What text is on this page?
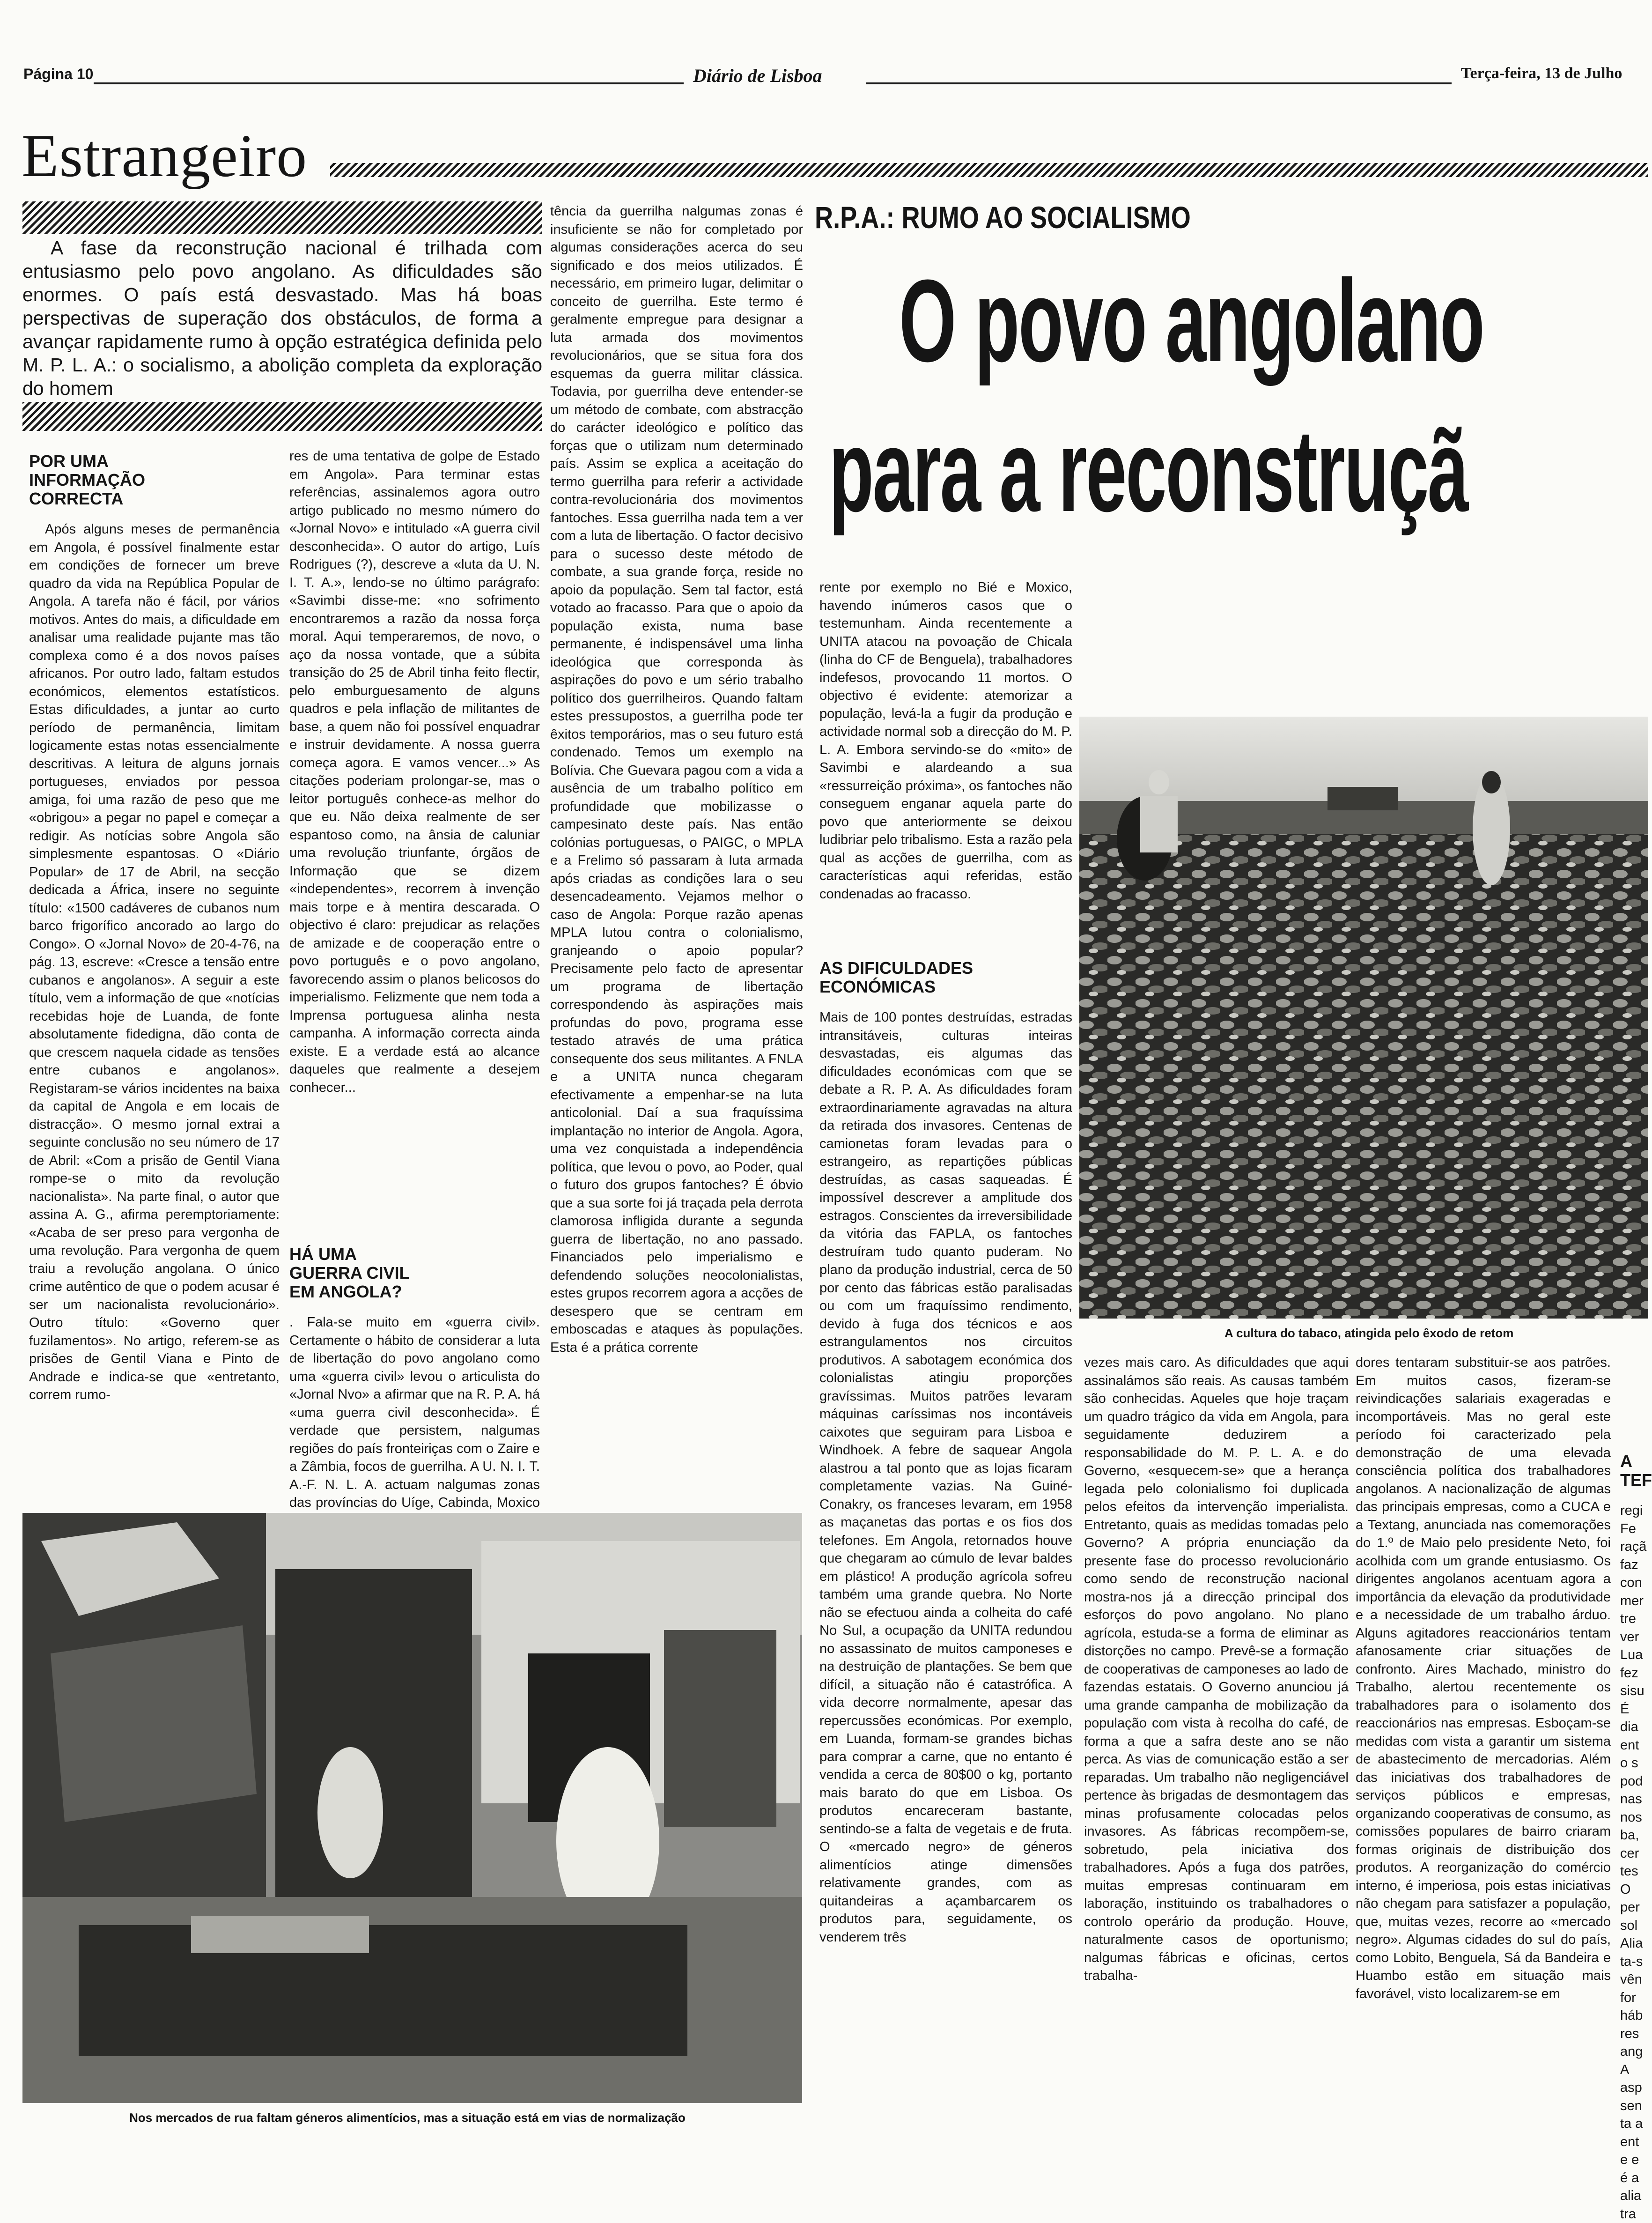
Página 10	Diário de Lisboa	Terça-feira, 13 de Julho
Estrangeiro
A fase da reconstrução nacional é trilhada com entusiasmo pelo povo angolano. As dificuldades são enormes. O país está desvastado. Mas há boas perspectivas de superação dos obstáculos, de forma a avançar rapidamente rumo à opção estratégica definida pelo M. P. L. A.: o socialismo, a abolição completa da exploração do homem
POR UMA INFORMAÇÃO CORRECTA
Após alguns meses de permanência em Angola, é possível finalmente estar em condições de fornecer um breve quadro da vida na República Popular de Angola. A tarefa não é fácil, por vários motivos. Antes do mais, a dificuldade em analisar uma realidade pujante mas tão complexa como é a dos novos países africanos. Por outro lado, faltam estudos económicos, elementos estatísticos. Estas dificuldades, a juntar ao curto período de permanência, limitam logicamente estas notas essencialmente descritivas. A leitura de alguns jornais portugueses, enviados por pessoa amiga, foi uma razão de peso que me «obrigou» a pegar no papel e começar a redigir. As notícias sobre Angola são simplesmente espantosas. O «Diário Popular» de 17 de Abril, na secção dedicada a África, insere no seguinte título: «1500 cadáveres de cubanos num barco frigorífico ancorado ao largo do Congo». O «Jornal Novo» de 20-4-76, na pág. 13, escreve: «Cresce a tensão entre cubanos e angolanos». A seguir a este título, vem a informação de que «notícias recebidas hoje de Luanda, de fonte absolutamente fidedigna, dão conta de que crescem naquela cidade as tensões entre cubanos e angolanos». Registaram-se vários incidentes na baixa da capital de Angola e em locais de distracção». O mesmo jornal extrai a seguinte conclusão no seu número de 17 de Abril: «Com a prisão de Gentil Viana rompe-se o mito da revolução nacionalista». Na parte final, o autor que assina A. G., afirma peremptoriamente: «Acaba de ser preso para vergonha de uma revolução. Para vergonha de quem traiu a revolução angolana. O único crime autêntico de que o podem acusar é ser um nacionalista revolucionário». Outro título: «Governo quer fuzilamentos». No artigo, referem-se as prisões de Gentil Viana e Pinto de Andrade e indica-se que «entretanto, correm rumo-
res de uma tentativa de golpe de Estado em Angola». Para terminar estas referências, assinalemos agora outro artigo publicado no mesmo número do «Jornal Novo» e intitulado «A guerra civil desconhecida». O autor do artigo, Luís Rodrigues (?), descreve a «luta da U. N. I. T. A.», lendo-se no último parágrafo: «Savimbi disse-me: «no sofrimento encontraremos a razão da nossa força moral. Aqui temperaremos, de novo, o aço da nossa vontade, que a súbita transição do 25 de Abril tinha feito flectir, pelo emburguesamento de alguns quadros e pela inflação de militantes de base, a quem não foi possível enquadrar e instruir devidamente. A nossa guerra começa agora. E vamos vencer...» As citações poderiam prolongar-se, mas o leitor português conhece-as melhor do que eu. Não deixa realmente de ser espantoso como, na ânsia de caluniar uma revolução triunfante, órgãos de Informação que se dizem «independentes», recorrem à invenção mais torpe e à mentira descarada. O objectivo é claro: prejudicar as relações de amizade e de cooperação entre o povo português e o povo angolano, favorecendo assim o planos belicosos do imperialismo. Felizmente que nem toda a Imprensa portuguesa alinha nesta campanha. A informação correcta ainda existe. E a verdade está ao alcance daqueles que realmente a desejem conhecer...
HÁ UMA GUERRA CIVIL EM ANGOLA?
. Fala-se muito em «guerra civil». Certamente o hábito de considerar a luta de libertação do povo angolano como uma «guerra civil» levou o articulista do «Jornal Nvo» a afirmar que na R. P. A. há «uma guerra civil desconhecida». É verdade que persistem, nalgumas regiões do país fronteiriças com o Zaire e a Zâmbia, focos de guerrilha. A U. N. I. T. A.-F. N. L. A. actuam nalgumas zonas das províncias do Uíge, Cabinda, Moxico
tência da guerrilha nalgumas zonas é insuficiente se não for completado por algumas considerações acerca do seu significado e dos meios utilizados. É necessário, em primeiro lugar, delimitar o conceito de guerrilha. Este termo é geralmente empregue para designar a luta armada dos movimentos revolucionários, que se situa fora dos esquemas da guerra militar clássica. Todavia, por guerrilha deve entender-se um método de combate, com abstracção do carácter ideológico e político das forças que o utilizam num determinado país. Assim se explica a aceitação do termo guerrilha para referir a actividade contra-revolucionária dos movimentos fantoches. Essa guerrilha nada tem a ver com a luta de libertação. O factor decisivo para o sucesso deste método de combate, a sua grande força, reside no apoio da população. Sem tal factor, está votado ao fracasso. Para que o apoio da população exista, numa base permanente, é indispensável uma linha ideológica que corresponda às aspirações do povo e um sério trabalho político dos guerrilheiros. Quando faltam estes pressupostos, a guerrilha pode ter êxitos temporários, mas o seu futuro está condenado. Temos um exemplo na Bolívia. Che Guevara pagou com a vida a ausência de um trabalho político em profundidade que mobilizasse o campesinato deste país. Nas então colónias portuguesas, o PAIGC, o MPLA e a Frelimo só passaram à luta armada após criadas as condições lara o seu desencadeamento. Vejamos melhor o caso de Angola: Porque razão apenas MPLA lutou contra o colonialismo, granjeando o apoio popular? Precisamente pelo facto de apresentar um programa de libertação correspondendo às aspirações mais profundas do povo, programa esse testado através de uma prática consequente dos seus militantes. A FNLA e a UNITA nunca chegaram efectivamente a empenhar-se na luta anticolonial. Daí a sua fraquíssima implantação no interior de Angola. Agora, uma vez conquistada a independência política, que levou o povo, ao Poder, qual o futuro dos grupos fantoches? É óbvio que a sua sorte foi já traçada pela derrota clamorosa infligida durante a segunda guerra de libertação, no ano passado. Financiados pelo imperialismo e defendendo soluções neocolonialistas, estes grupos recorrem agora a acções de desespero que se centram em emboscadas e ataques às populações. Esta é a prática corrente
R.P.A.: RUMO AO SOCIALISMO
O povo angolano
para a reconstruçã
rente por exemplo no Bié e Moxico, havendo inúmeros casos que o testemunham. Ainda recentemente a UNITA atacou na povoação de Chicala (linha do CF de Benguela), trabalhadores indefesos, provocando 11 mortos. O objectivo é evidente: atemorizar a população, levá-la a fugir da produção e actividade normal sob a direcção do M. P. L. A. Embora servindo-se do «mito» de Savimbi e alardeando a sua «ressurreição próxima», os fantoches não conseguem enganar aquela parte do povo que anteriormente se deixou ludibriar pelo tribalismo. Esta a razão pela qual as acções de guerrilha, com as características aqui referidas, estão condenadas ao fracasso.
AS DIFICULDADES ECONÓMICAS
Mais de 100 pontes destruídas, estradas intransitáveis, culturas inteiras desvastadas, eis algumas das dificuldades económicas com que se debate a R. P. A. As dificuldades foram extraordinariamente agravadas na altura da retirada dos invasores. Centenas de camionetas foram levadas para o estrangeiro, as repartições públicas destruídas, as casas saqueadas. É impossível descrever a amplitude dos estragos. Conscientes da irreversibilidade da vitória das FAPLA, os fantoches destruíram tudo quanto puderam. No plano da produção industrial, cerca de 50 por cento das fábricas estão paralisadas ou com um fraquíssimo rendimento, devido à fuga dos técnicos e aos estrangulamentos nos circuitos produtivos. A sabotagem económica dos colonialistas atingiu proporções gravíssimas. Muitos patrões levaram máquinas caríssimas nos incontáveis caixotes que seguiram para Lisboa e Windhoek. A febre de saquear Angola alastrou a tal ponto que as lojas ficaram completamente vazias. Na Guiné-Conakry, os franceses levaram, em 1958 as maçanetas das portas e os fios dos telefones. Em Angola, retornados houve que chegaram ao cúmulo de levar baldes em plástico! A produção agrícola sofreu também uma grande quebra. No Norte não se efectuou ainda a colheita do café No Sul, a ocupação da UNITA redundou no assassinato de muitos camponeses e na destruição de plantações. Se bem que difícil, a situação não é catastrófica. A vida decorre normalmente, apesar das repercussões económicas. Por exemplo, em Luanda, formam-se grandes bichas para comprar a carne, que no entanto é vendida a cerca de 80$00 o kg, portanto mais barato do que em Lisboa. Os produtos encareceram bastante, sentindo-se a falta de vegetais e de fruta. O «mercado negro» de géneros alimentícios atinge dimensões relativamente grandes, com as quitandeiras a açambarcarem os produtos para, seguidamente, os venderem três
A cultura do tabaco, atingida pelo êxodo de retom
vezes mais caro. As dificuldades que aqui assinalámos são reais. As causas também são conhecidas. Aqueles que hoje traçam um quadro trágico da vida em Angola, para seguidamente deduzirem a responsabilidade do M. P. L. A. e do Governo, «esquecem-se» que a herança legada pelo colonialismo foi duplicada pelos efeitos da intervenção imperialista. Entretanto, quais as medidas tomadas pelo Governo? A própria enunciação da presente fase do processo revolucionário como sendo de reconstrução nacional mostra-nos já a direcção principal dos esforços do povo angolano. No plano agrícola, estuda-se a forma de eliminar as distorções no campo. Prevê-se a formação de cooperativas de camponeses ao lado de fazendas estatais. O Governo anunciou já uma grande campanha de mobilização da população com vista à recolha do café, de forma a que a safra deste ano se não perca. As vias de comunicação estão a ser reparadas. Um trabalho não negligenciável pertence às brigadas de desmontagem das minas profusamente colocadas pelos invasores. As fábricas recompõem-se, sobretudo, pela iniciativa dos trabalhadores. Após a fuga dos patrões, muitas empresas continuaram em laboração, instituindo os trabalhadores o controlo operário da produção. Houve, naturalmente casos de oportunismo; nalgumas fábricas e oficinas, certos trabalha-
dores tentaram substituir-se aos patrões. Em muitos casos, fizeram-se reivindicações salariais exageradas e incomportáveis. Mas no geral este período foi caracterizado pela demonstração de uma elevada consciência política dos trabalhadores angolanos. A nacionalização de algumas das principais empresas, como a CUCA e a Textang, anunciada nas comemorações do 1.º de Maio pelo presidente Neto, foi acolhida com um grande entusiasmo. Os dirigentes angolanos acentuam agora a importância da elevação da produtividade e a necessidade de um trabalho árduo. Alguns agitadores reaccionários tentam afanosamente criar situações de confronto. Aires Machado, ministro do Trabalho, alertou recentemente os trabalhadores para o isolamento dos reaccionários nas empresas. Esboçam-se medidas com vista a garantir um sistema de abastecimento de mercadorias. Além das iniciativas dos trabalhadores de serviços públicos e empresas, organizando cooperativas de consumo, as comissões populares de bairro criaram formas originais de distribuição dos produtos. A reorganização do comércio interno, é imperiosa, pois estas iniciativas não chegam para satisfazer a população, que, muitas vezes, recorre ao «mercado negro». Algumas cidades do sul do país, como Lobito, Benguela, Sá da Bandeira e Huambo estão em situação mais favorável, visto localizarem-se em
A TEF
regi Fe raçã faz con mer tre ver Lua fez sisu É dia ent o s pod nas nos ba, cer tes O per sol Alia ta-s vên for háb res ang A asp sen ta a ent e e é a alia tra
Nos mercados de rua faltam géneros alimentícios, mas a situação está em vias de normalização
